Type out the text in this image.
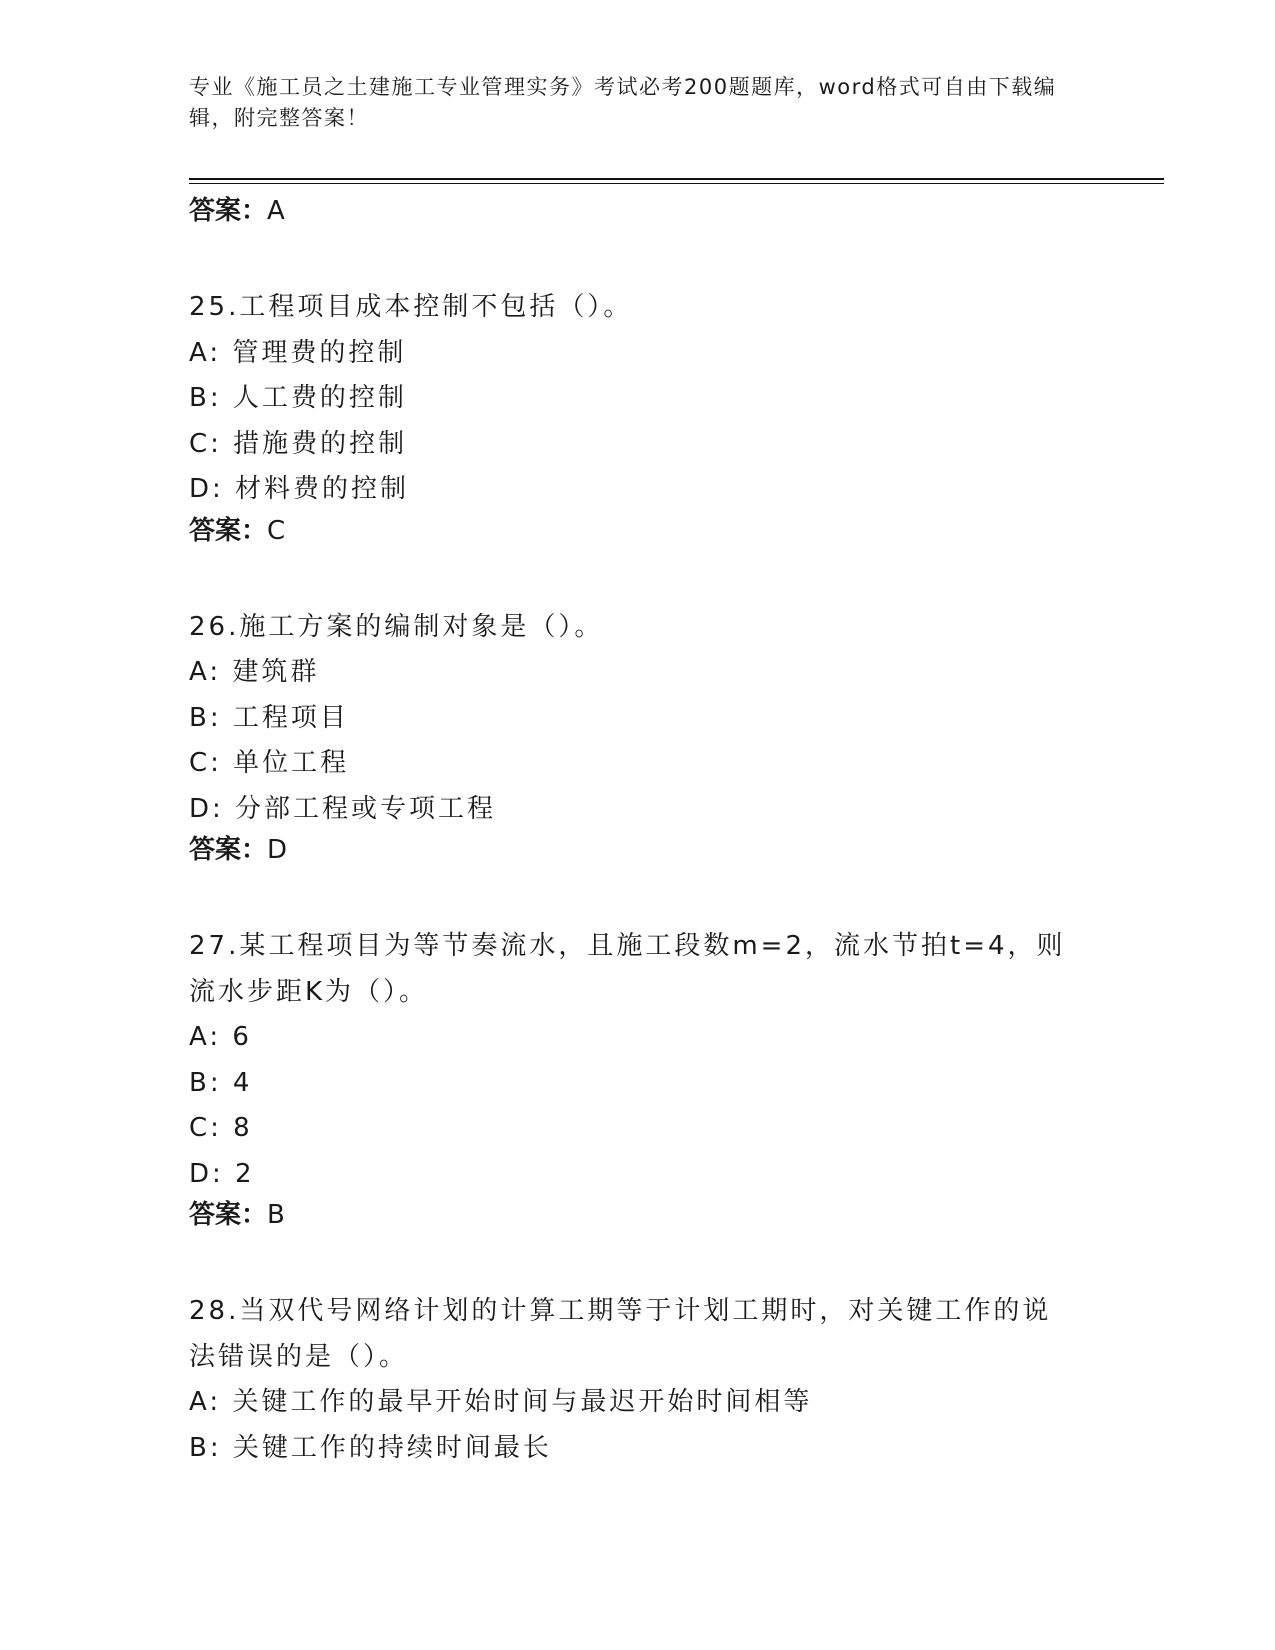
专业《施工员之土建施工专业管理实务》考试必考200题题库，word格式可自由下载编辑，附完整答案！
答案：A
25.工程项目成本控制不包括（）。
A: 管理费的控制
B: 人工费的控制
C: 措施费的控制
D: 材料费的控制
答案：C
26.施工方案的编制对象是（）。
A: 建筑群
B: 工程项目
C: 单位工程
D: 分部工程或专项工程
答案：D
27.某工程项目为等节奏流水，且施工段数m=2，流水节拍t=4，则流水步距K为（）。
A: 6
B: 4
C: 8
D: 2
答案：B
28.当双代号网络计划的计算工期等于计划工期时，对关键工作的说法错误的是（）。
A: 关键工作的最早开始时间与最迟开始时间相等
B: 关键工作的持续时间最长
